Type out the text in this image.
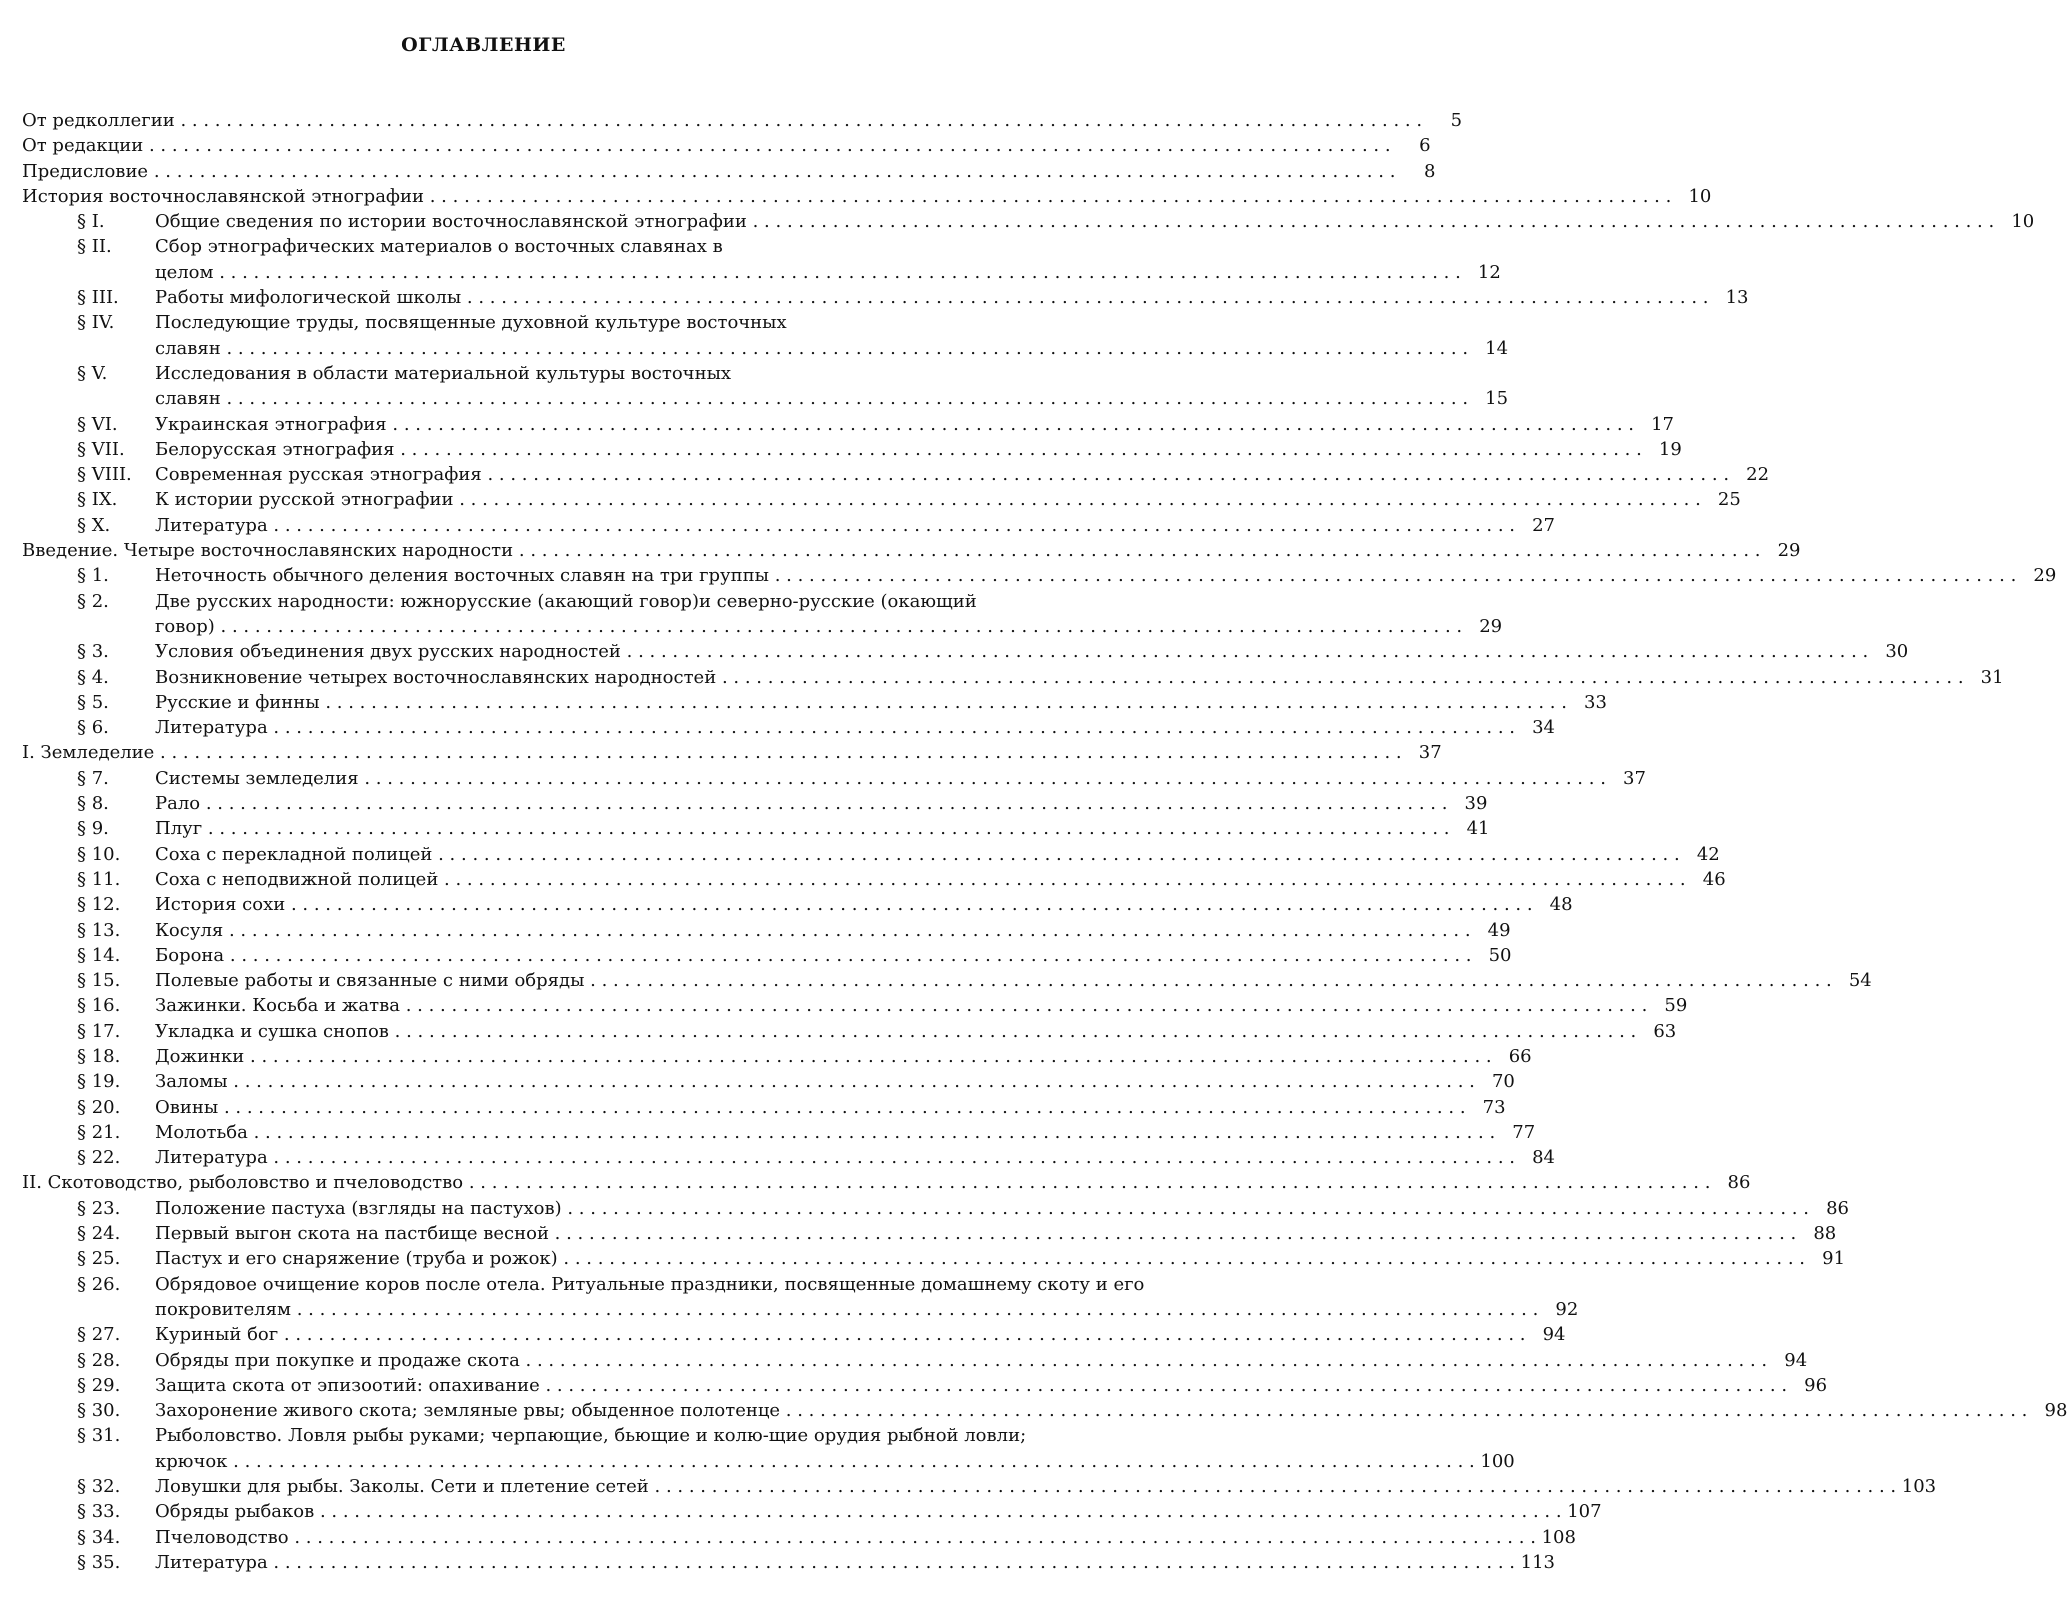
ОГЛАВЛЕНИЕ
От редколлегии . . .	5
От редакции . . .	6
Предисловие . . .	8
История восточнославянской этнографии . . .	10
§ I.	Общие сведения по истории восточнославянской этнографии . . .	10
§ II.	Сбор этнографических материалов о восточных славянах в целом . . .	12
§ III.	Работы мифологической школы . . .	13
§ IV.	Последующие труды, посвященные духовной культуре восточных славян . . .	14
§ V.	Исследования в области материальной культуры восточных славян . . .	15
§ VI.	Украинская этнография . . .	17
§ VII.	Белорусская этнография . . .	19
§ VIII.	Современная русская этнография . . .	22
§ IX.	К истории русской этнографии . . .	25
§ X.	Литература . . .	27
Введение. Четыре восточнославянских народности . . .	29
§ 1.	Неточность обычного деления восточных славян на три группы . . .	29
§ 2.	Две русских народности: южнорусские (акающий говор)и северно-русские (окающий говор) . . .	29
§ 3.	Условия объединения двух русских народностей . . .	30
§ 4.	Возникновение четырех восточнославянских народностей . . .	31
§ 5.	Русские и финны . . .	33
§ 6.	Литература . . .	34
I. Земледелие . . .	37
§ 7.	Системы земледелия . . .	37
§ 8.	Рало . . .	39
§ 9.	Плуг . . .	41
§ 10.	Соха с перекладной полицей . . .	42
§ 11.	Соха с неподвижной полицей . . .	46
§ 12.	История сохи . . .	48
§ 13.	Косуля . . .	49
§ 14.	Борона . . .	50
§ 15.	Полевые работы и связанные с ними обряды . . .	54
§ 16.	Зажинки. Косьба и жатва . . .	59
§ 17.	Укладка и сушка снопов . . .	63
§ 18.	Дожинки . . .	66
§ 19.	Заломы . . .	70
§ 20.	Овины . . .	73
§ 21.	Молотьба . . .	77
§ 22.	Литература . . .	84
II. Скотоводство, рыболовство и пчеловодство . . .	86
§ 23.	Положение пастуха (взгляды на пастухов) . . .	86
§ 24.	Первый выгон скота на пастбище весной . . .	88
§ 25.	Пастух и его снаряжение (труба и рожок) . . .	91
§ 26.	Обрядовое очищение коров после отела. Ритуальные праздники, посвященные домашнему скоту и его покровителям . . .	92
§ 27.	Куриный бог . . .	94
§ 28.	Обряды при покупке и продаже скота . . .	94
§ 29.	Защита скота от эпизоотий: опахивание . . .	96
§ 30.	Захоронение живого скота; земляные рвы; обыденное полотенце . . .	98
§ 31.	Рыболовство. Ловля рыбы руками; черпающие, бьющие и колю-щие орудия рыбной ловли; крючок . . .	100
§ 32.	Ловушки для рыбы. Заколы. Сети и плетение сетей . . .	103
§ 33.	Обряды рыбаков . . .	107
§ 34.	Пчеловодство . . .	108
§ 35.	Литература . . .	113
